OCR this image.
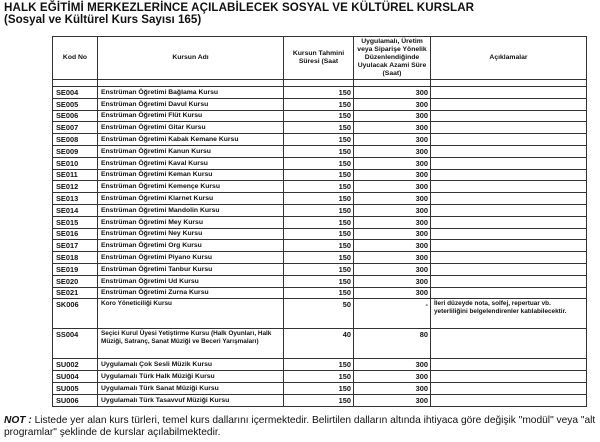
HALK EĞİTİMİ MERKEZLERİNCE AÇILABİLECEK SOSYAL VE KÜLTÜREL KURSLAR
(Sosyal ve Kültürel Kurs Sayısı 165)
Kod No	Kursun Adı	Kursun Tahmini Süresi (Saat	Uygulamalı, Üretim veya Siparişe Yönelik Düzenlendiğinde Uyulacak Azami Süre (Saat)	Açıklamalar

SE004	Enstrüman Öğretimi Bağlama Kursu	150	300	
SE005	Enstrüman Öğretimi Davul Kursu	150	300	
SE006	Enstrüman Öğretimi Flüt Kursu	150	300	
SE007	Enstrüman Öğretimi Gitar Kursu	150	300	
SE008	Enstrüman Öğretimi Kabak Kemane Kursu	150	300	
SE009	Enstrüman Öğretimi Kanun Kursu	150	300	
SE010	Enstrüman Öğretimi Kaval Kursu	150	300	
SE011	Enstrüman Öğretimi Keman Kursu	150	300	
SE012	Enstrüman Öğretimi Kemençe Kursu	150	300	
SE013	Enstrüman Öğretimi Klarnet Kursu	150	300	
SE014	Enstrüman Öğretimi Mandolin Kursu	150	300	
SE015	Enstrüman Öğretimi Mey Kursu	150	300	
SE016	Enstrüman Öğretimi Ney Kursu	150	300	
SE017	Enstrüman Öğretimi Org Kursu	150	300	
SE018	Enstrüman Öğretimi Piyano Kursu	150	300	
SE019	Enstrüman Öğretimi Tanbur Kursu	150	300	
SE020	Enstrüman Öğretimi Ud Kursu	150	300	
SE021	Enstrüman Öğretimi Zurna Kursu	150	300	
SK006	Koro Yöneticiliği Kursu	50	-	İleri düzeyde nota, solfej, repertuar vb. yeterliliğini belgelendirenler katılabilecektir.
SS004	Seçici Kurul Üyesi Yetiştirme Kursu (Halk Oyunları, Halk Müziği, Satranç, Sanat Müziği ve Beceri Yarışmaları)	40	80	
SU002	Uygulamalı Çok Sesli Müzik Kursu	150	300	
SU004	Uygulamalı Türk Halk Müziği Kursu	150	300	
SU005	Uygulamalı Türk Sanat Müziği Kursu	150	300	
SU006	Uygulamalı Türk Tasavvuf Müziği Kursu	150	300	
NOT : Listede yer alan kurs türleri, temel kurs dallarını içermektedir. Belirtilen dalların altında ihtiyaca göre değişik "modül" veya "alt programlar" şeklinde de kurslar açılabilmektedir.
